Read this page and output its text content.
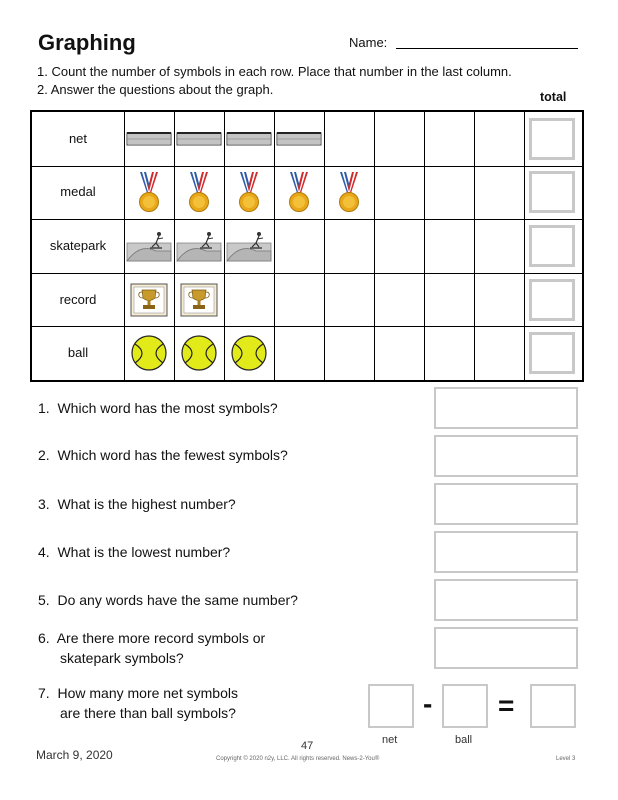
Graphing	Name:
1. Count the number of symbols in each row. Place that number in the last column.
2. Answer the questions about the graph.	total
net
medal
skatepark
record
ball
1. Which word has the most symbols?
2. Which word has the fewest symbols?
3. What is the highest number?
4. What is the lowest number?
5. Do any words have the same number?
6. Are there more record symbols or
skatepark symbols?
7. How many more net symbols
are there than ball symbols?	- =
net	ball
March 9, 2020
47
Copyright © 2020 n2y, LLC. All rights reserved. News-2-You®	Level 3
